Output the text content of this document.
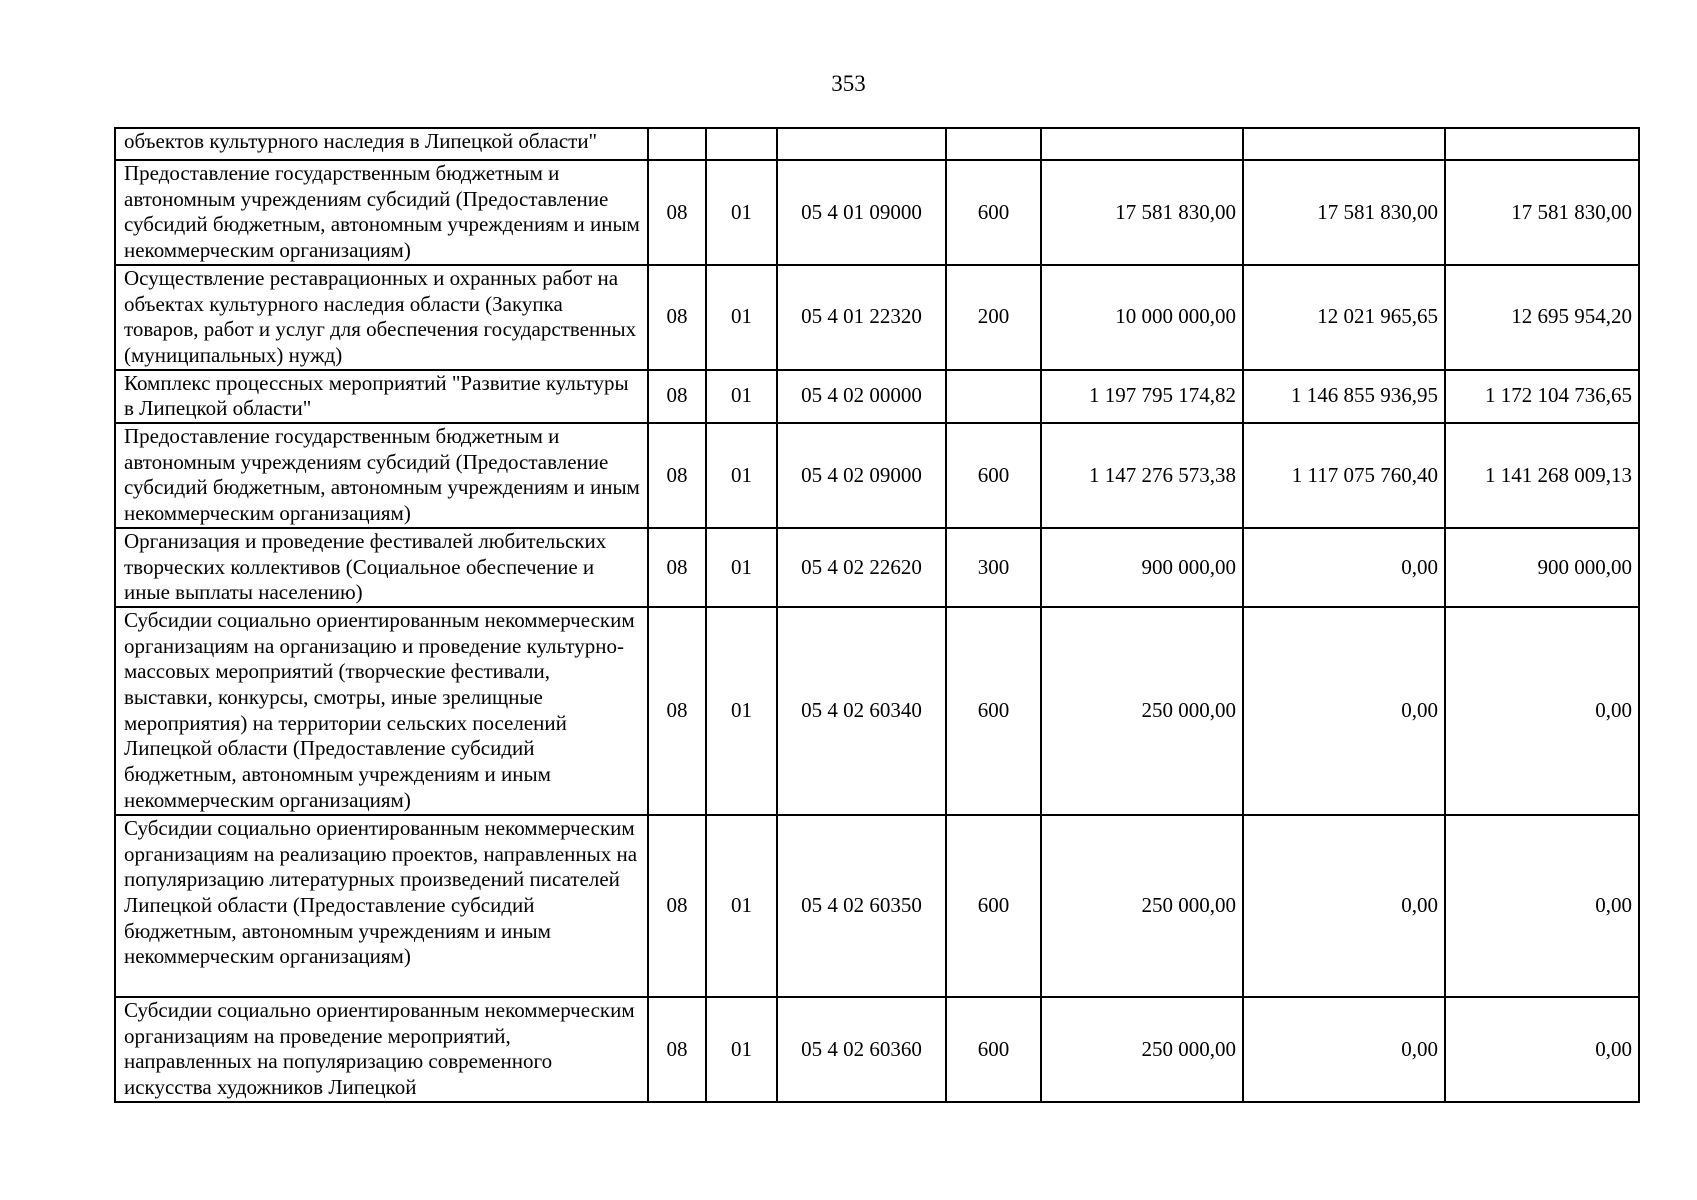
353
объектов культурного наследия в Липецкой области"							
Предоставление государственным бюджетным и автономным учреждениям субсидий (Предоставление субсидий бюджетным, автономным учреждениям и иным некоммерческим организациям)	08	01	05 4 01 09000	600	17 581 830,00	17 581 830,00	17 581 830,00
Осуществление реставрационных и охранных работ на объектах культурного наследия области (Закупка товаров, работ и услуг для обеспечения государственных (муниципальных) нужд)	08	01	05 4 01 22320	200	10 000 000,00	12 021 965,65	12 695 954,20
Комплекс процессных мероприятий "Развитие культуры в Липецкой области"	08	01	05 4 02 00000		1 197 795 174,82	1 146 855 936,95	1 172 104 736,65
Предоставление государственным бюджетным и автономным учреждениям субсидий (Предоставление субсидий бюджетным, автономным учреждениям и иным некоммерческим организациям)	08	01	05 4 02 09000	600	1 147 276 573,38	1 117 075 760,40	1 141 268 009,13
Организация и проведение фестивалей любительских творческих коллективов (Социальное обеспечение и иные выплаты населению)	08	01	05 4 02 22620	300	900 000,00	0,00	900 000,00
Субсидии социально ориентированным некоммерческим организациям на организацию и проведение культурно-массовых мероприятий (творческие фестивали, выставки, конкурсы, смотры, иные зрелищные мероприятия) на территории сельских поселений Липецкой области (Предоставление субсидий бюджетным, автономным учреждениям и иным некоммерческим организациям)	08	01	05 4 02 60340	600	250 000,00	0,00	0,00
Субсидии социально ориентированным некоммерческим организациям на реализацию проектов, направленных на популяризацию литературных произведений писателей Липецкой области (Предоставление субсидий бюджетным, автономным учреждениям и иным некоммерческим организациям)	08	01	05 4 02 60350	600	250 000,00	0,00	0,00
Субсидии социально ориентированным некоммерческим организациям на проведение мероприятий, направленных на популяризацию современного искусства художников Липецкой	08	01	05 4 02 60360	600	250 000,00	0,00	0,00
